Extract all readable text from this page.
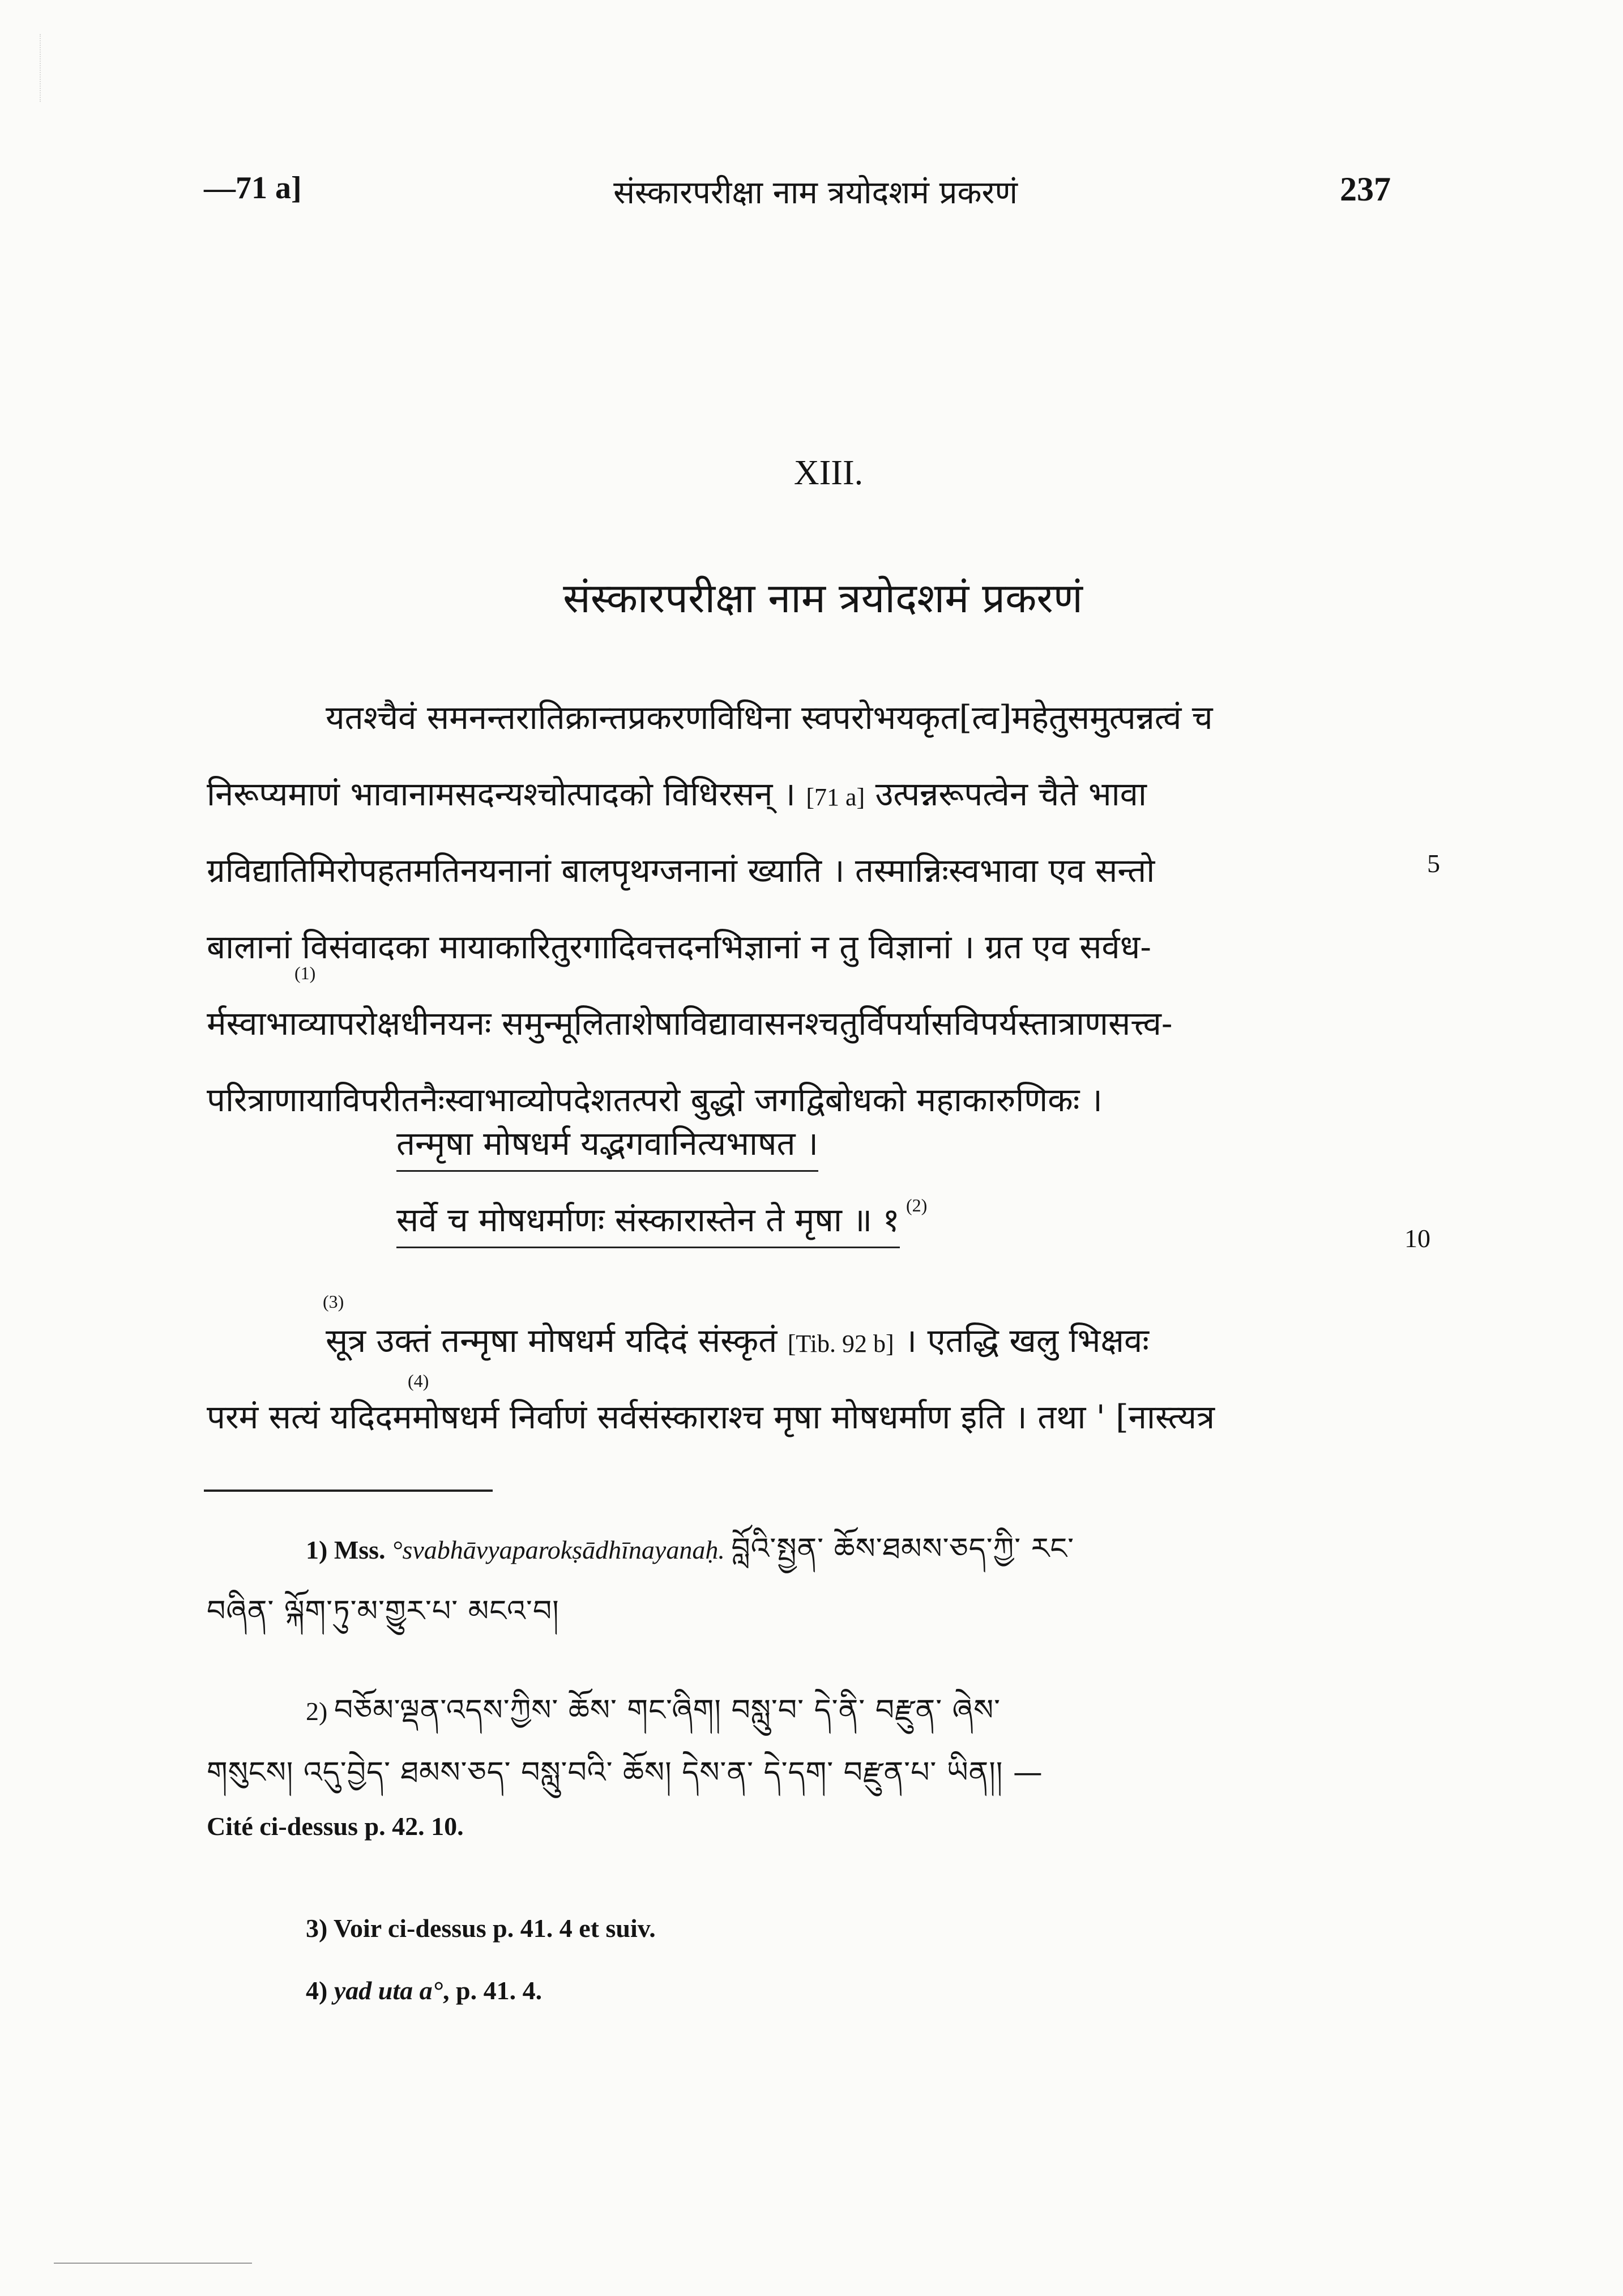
—71 a]	संस्कारपरीक्षा नाम त्रयोदशमं प्रकरणं	237
XIII.
संस्कारपरीक्षा नाम त्रयोदशमं प्रकरणं
यतश्चैवं समनन्तरातिक्रान्तप्रकरणविधिना स्वपरोभयकृत[त्व]महेतुसमुत्पन्नत्वं च
निरूप्यमाणं भावानामसदन्यश्चोत्पादको विधिरसन् । [71 a] उत्पन्नरूपत्वेन चैते भावा
ग्रविद्यातिमिरोपहतमतिनयनानां बालपृथग्जनानां ख्याति । तस्मान्निःस्वभावा एव सन्तो
बालानां विसंवादका मायाकारितुरगादिवत्तदनभिज्ञानां न तु विज्ञानां । ग्रत एव सर्वध-
र्मस्वाभाव्यापरोक्षधीनयनः समुन्मूलिताशेषाविद्यावासनश्चतुर्विपर्यासविपर्यस्तात्राणसत्त्व-
परित्राणायाविपरीतनैःस्वाभाव्योपदेशतत्परो बुद्धो जगद्विबोधको महाकारुणिकः ।
5
तन्मृषा मोषधर्म यद्भगवानित्यभाषत ।
सर्वे च मोषधर्माणः संस्कारास्तेन ते मृषा ॥ १	10
सूत्र उक्तं तन्मृषा मोषधर्म यदिदं संस्कृतं [Tib. 92 b] । एतद्धि खलु भिक्षवः
परमं सत्यं यदिदममोषधर्म निर्वाणं सर्वसंस्काराश्च मृषा मोषधर्माण इति । तथा ' [नास्त्यत्र
1) Mss. °svabhāvyaparokṣādhīnayanaḥ. བློའི་སྤྱན་ ཆོས་ཐམས་ཅད་ཀྱི་ རང་
བཞིན་ ལྐོག་ཏུ་མ་གྱུར་པ་ མངའ་བ།
2) བཅོམ་ལྡན་འདས་ཀྱིས་ ཆོས་ གང་ཞིག། བསླུ་བ་ དེ་ནི་ བརྫུན་ ཞེས་
གསུངས། འདུ་བྱེད་ ཐམས་ཅད་ བསླུ་བའི་ ཆོས། དེས་ན་ དེ་དག་ བརྫུན་པ་ ཡིན།། —
Cité ci-dessus p. 42. 10.
3) Voir ci-dessus p. 41. 4 et suiv.
4) yad uta a°, p. 41. 4.
(1)
(2)
(3)
(4)
